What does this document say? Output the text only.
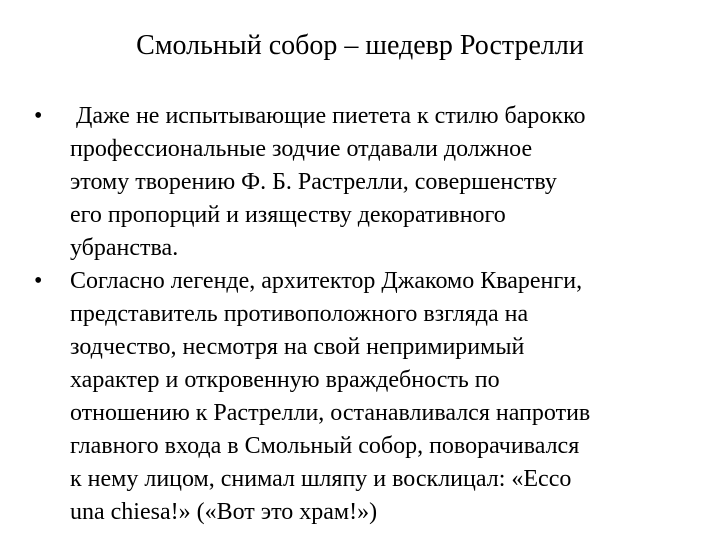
Смольный собор – шедевр Рострелли
• Даже не испытывающие пиетета к стилю барокко
профессиональные зодчие отдавали должное
этому творению Ф. Б. Растрелли, совершенству
его пропорций и изяществу декоративного
убранства.
• Согласно легенде, архитектор Джакомо Кваренги,
представитель противоположного взгляда на
зодчество, несмотря на свой непримиримый
характер и откровенную враждебность по
отношению к Растрелли, останавливался напротив
главного входа в Смольный собор, поворачивался
к нему лицом, снимал шляпу и восклицал: «Ecco
una chiesa!» («Вот это храм!»)
